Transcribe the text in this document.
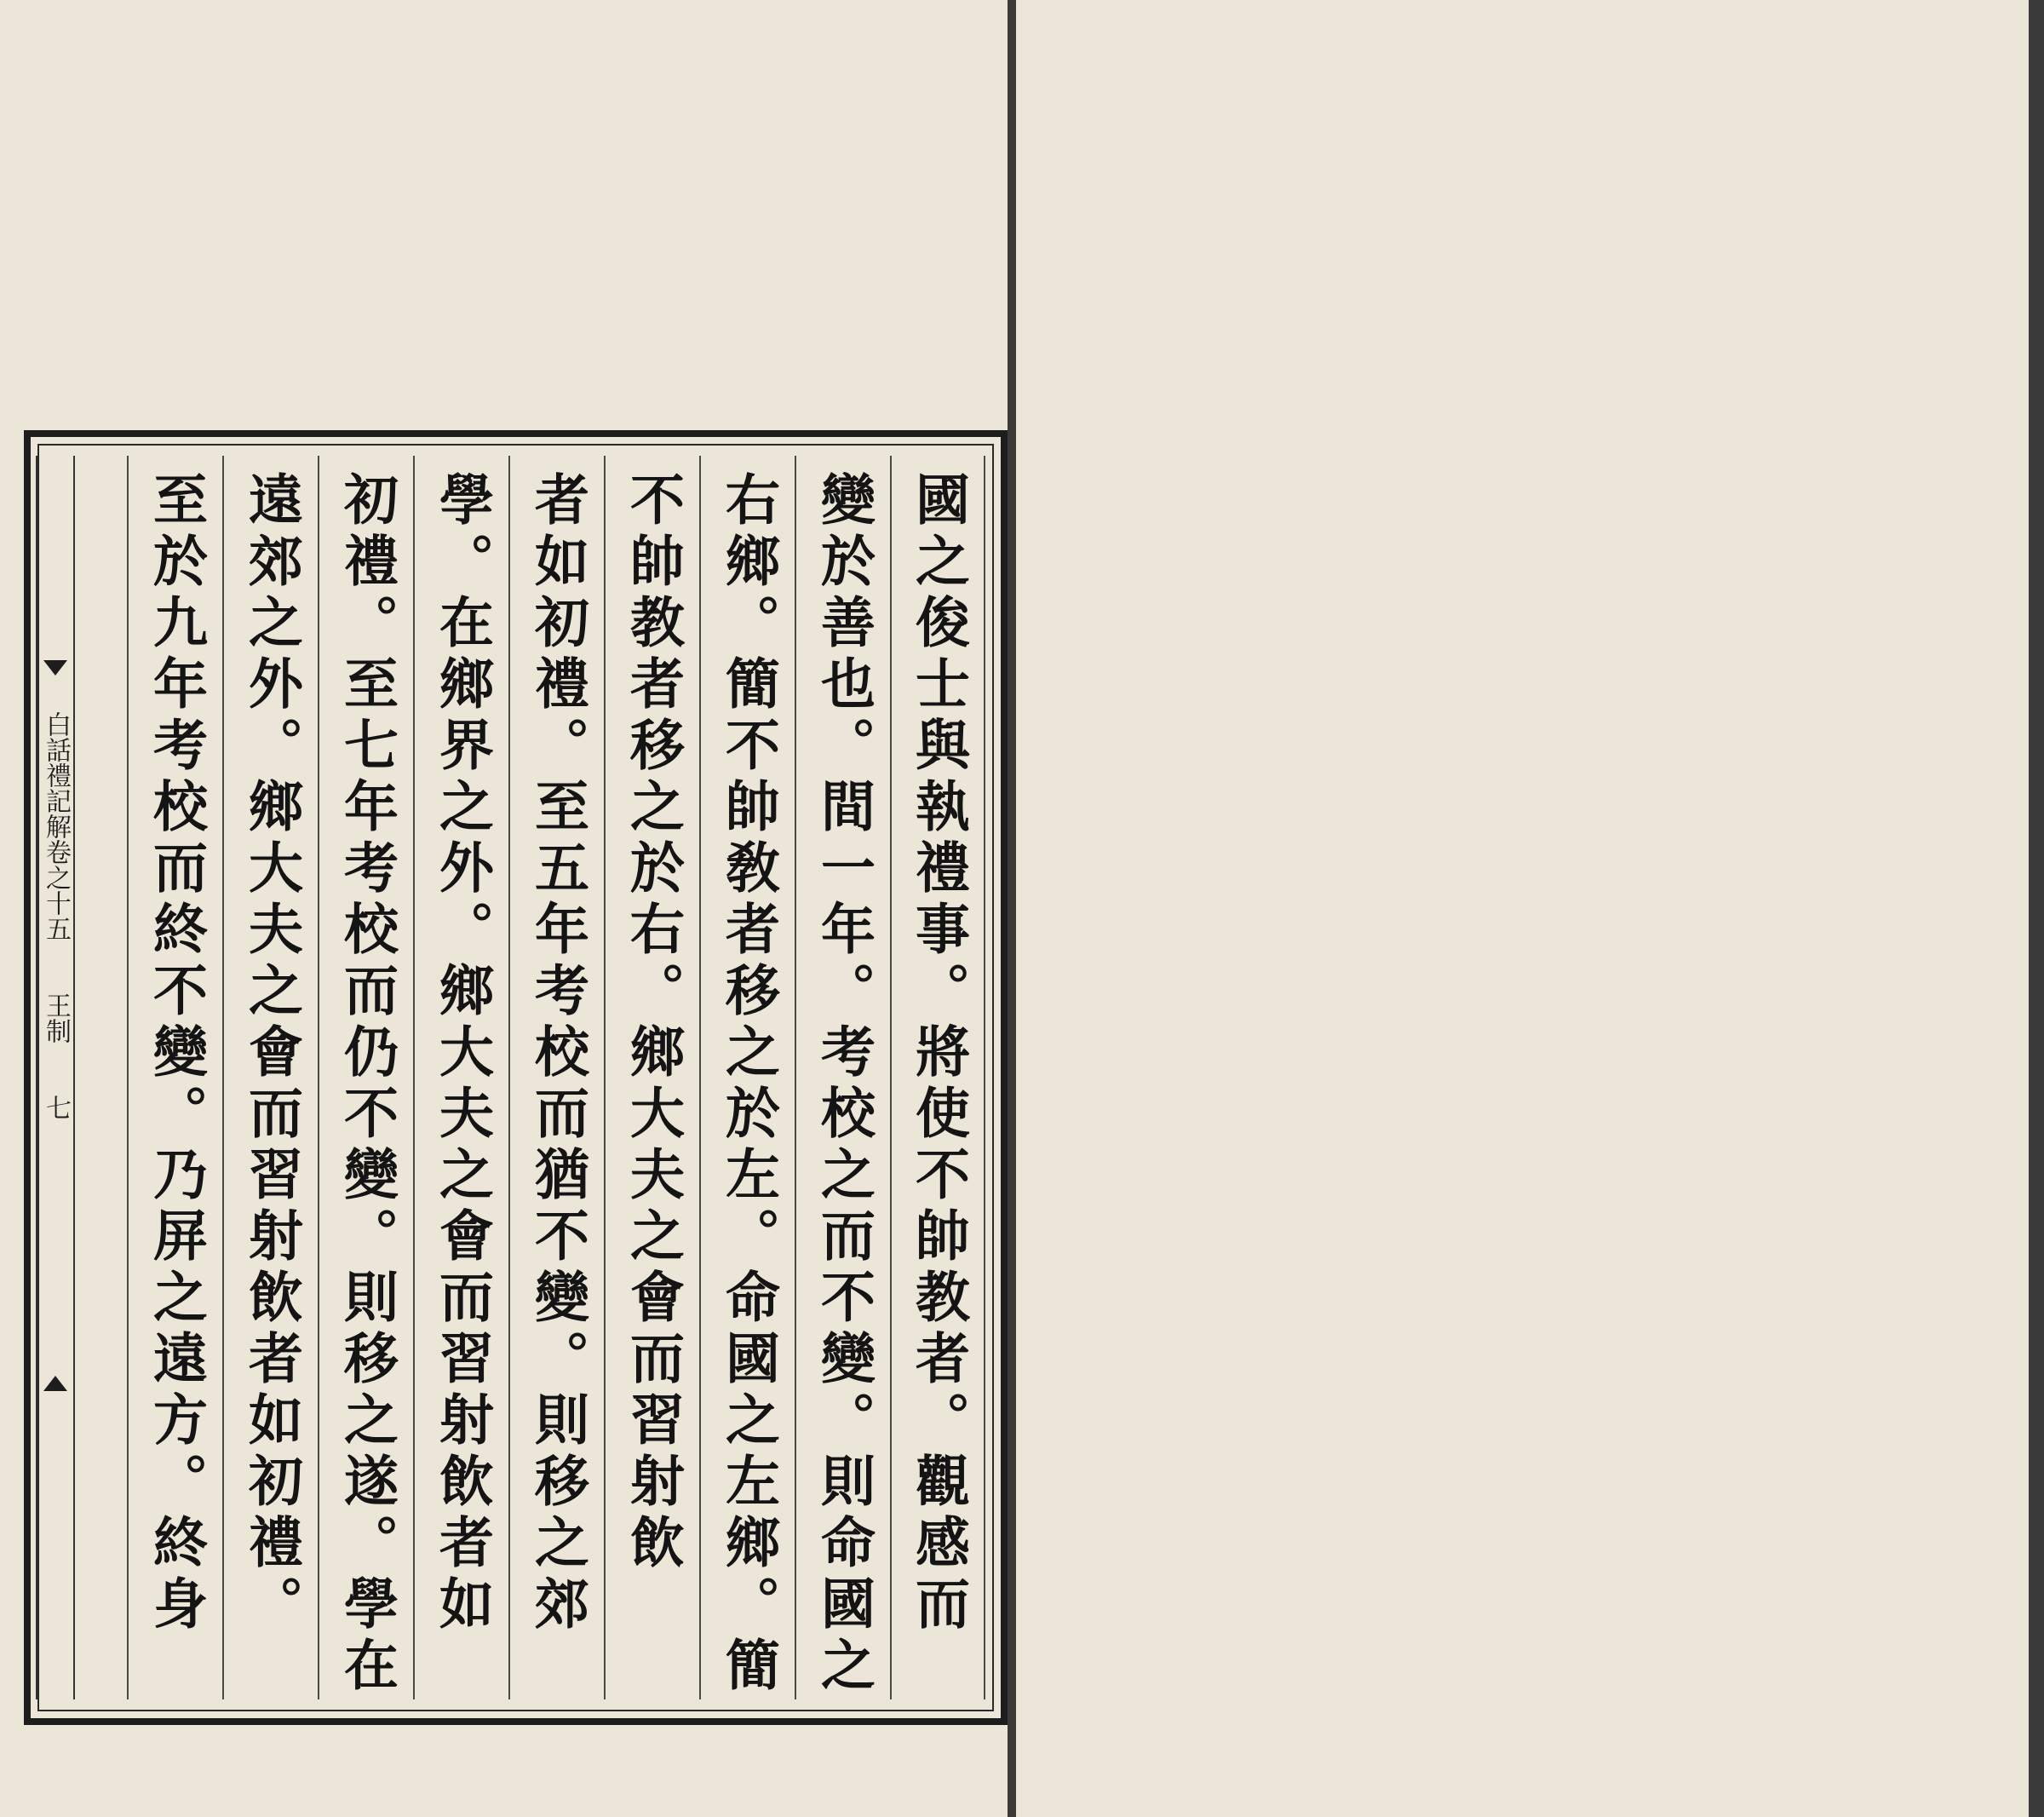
白話禮記解卷之十五
王制
七	國之俊士與執禮事。將使不帥教者。觀感而
變於善也。間一年。考校之而不變。則命國之
右鄉。簡不帥敎者移之於左。命國之左鄉。簡
不帥教者移之於右。鄉大夫之會而習射飲
者如初禮。至五年考校而猶不變。則移之郊
學。在鄉界之外。鄉大夫之會而習射飲者如
初禮。至七年考校而仍不變。則移之遂。學在
遠郊之外。鄉大夫之會而習射飲者如初禮。
至於九年考校而終不變。乃屏之遠方。終身
